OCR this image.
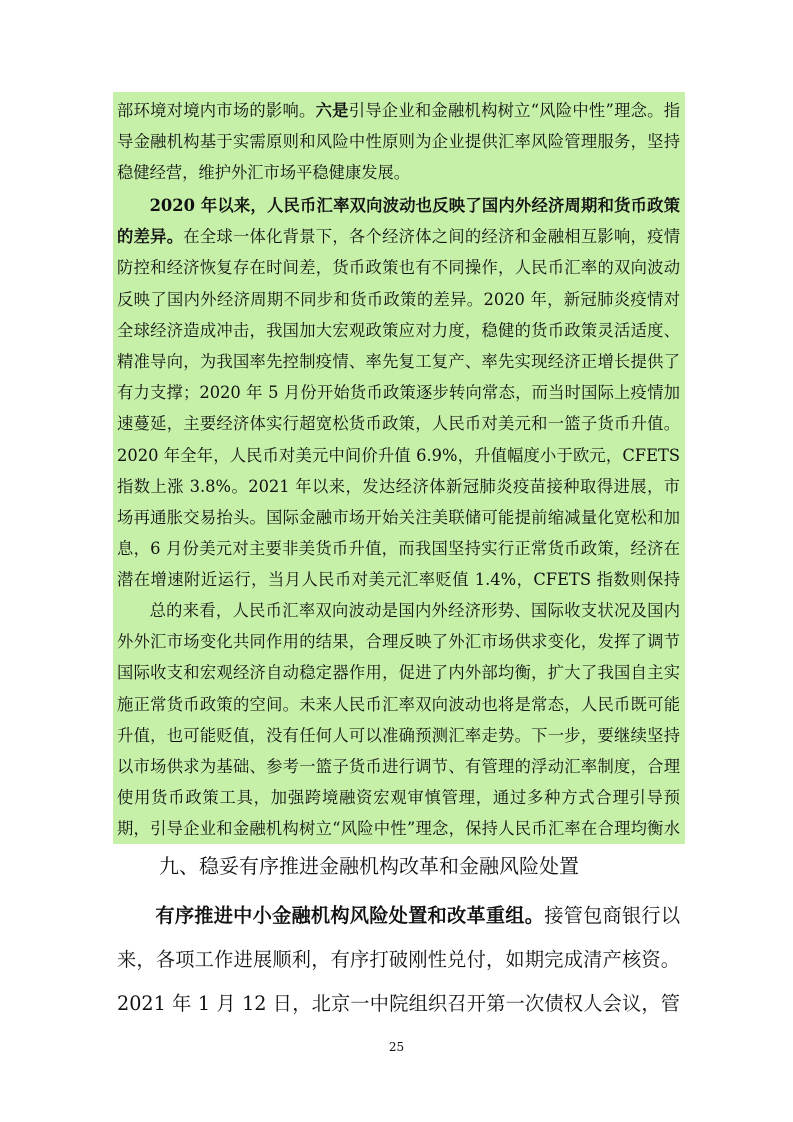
部环境对境内市场的影响。六是引导企业和金融机构树立“风险中性”理念。指导金融机构基于实需原则和风险中性原则为企业提供汇率风险管理服务，坚持稳健经营，维护外汇市场平稳健康发展。

2020 年以来，人民币汇率双向波动也反映了国内外经济周期和货币政策的差异。在全球一体化背景下，各个经济体之间的经济和金融相互影响，疫情防控和经济恢复存在时间差，货币政策也有不同操作，人民币汇率的双向波动反映了国内外经济周期不同步和货币政策的差异。2020 年，新冠肺炎疫情对全球经济造成冲击，我国加大宏观政策应对力度，稳健的货币政策灵活适度、精准导向，为我国率先控制疫情、率先复工复产、率先实现经济正增长提供了有力支撑；2020 年 5 月份开始货币政策逐步转向常态，而当时国际上疫情加速蔓延，主要经济体实行超宽松货币政策，人民币对美元和一篮子货币升值。2020 年全年，人民币对美元中间价升值 6.9%，升值幅度小于欧元，CFETS 指数上涨 3.8%。2021 年以来，发达经济体新冠肺炎疫苗接种取得进展，市场再通胀交易抬头。国际金融市场开始关注美联储可能提前缩减量化宽松和加息，6 月份美元对主要非美货币升值，而我国坚持实行正常货币政策，经济在潜在增速附近运行，当月人民币对美元汇率贬值 1.4%，CFETS 指数则保持

总的来看，人民币汇率双向波动是国内外经济形势、国际收支状况及国内外外汇市场变化共同作用的结果，合理反映了外汇市场供求变化，发挥了调节国际收支和宏观经济自动稳定器作用，促进了内外部均衡，扩大了我国自主实施正常货币政策的空间。未来人民币汇率双向波动也将是常态，人民币既可能升值，也可能贬值，没有任何人可以准确预测汇率走势。下一步，要继续坚持以市场供求为基础、参考一篮子货币进行调节、有管理的浮动汇率制度，合理使用货币政策工具，加强跨境融资宏观审慎管理，通过多种方式合理引导预期，引导企业和金融机构树立“风险中性”理念，保持人民币汇率在合理均衡水

九、稳妥有序推进金融机构改革和金融风险处置

有序推进中小金融机构风险处置和改革重组。接管包商银行以来，各项工作进展顺利，有序打破刚性兑付，如期完成清产核资。2021 年 1 月 12 日，北京一中院组织召开第一次债权人会议，管

25
